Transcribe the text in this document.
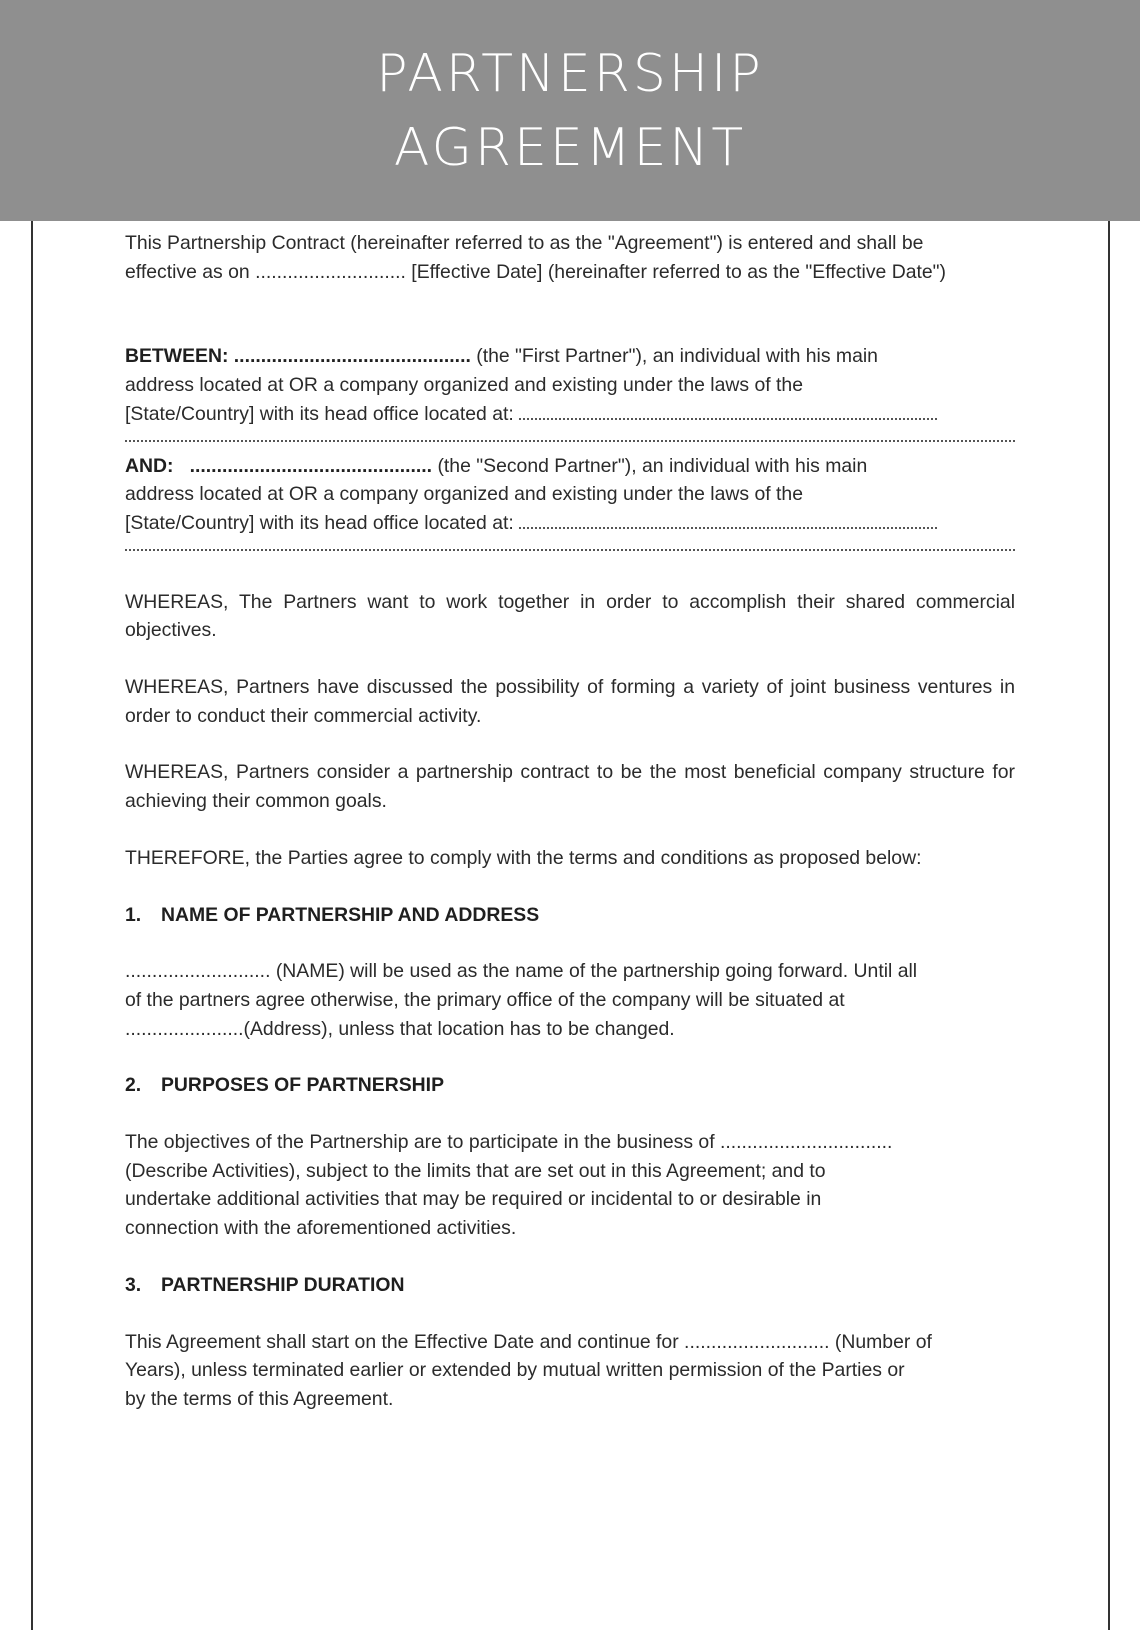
PARTNERSHIP
AGREEMENT

This Partnership Contract (hereinafter referred to as the "Agreement") is entered and shall be effective as on ............................ [Effective Date] (hereinafter referred to as the "Effective Date")

BETWEEN: ............................................ (the "First Partner"), an individual with his main

address located at OR a company organized and existing under the laws of the

[State/Country] with its head office located at:

AND:   ............................................. (the "Second Partner"), an individual with his main

address located at OR a company organized and existing under the laws of the

[State/Country] with its head office located at:

WHEREAS, The Partners want to work together in order to accomplish their shared commercial objectives.

WHEREAS, Partners have discussed the possibility of forming a variety of joint business ventures in order to conduct their commercial activity.

WHEREAS, Partners consider a partnership contract to be the most beneficial company structure for achieving their common goals.

THEREFORE, the Parties agree to comply with the terms and conditions as proposed below:

1. NAME OF PARTNERSHIP AND ADDRESS

........................... (NAME) will be used as the name of the partnership going forward. Until all

of the partners agree otherwise, the primary office of the company will be situated at

......................(Address), unless that location has to be changed.

2. PURPOSES OF PARTNERSHIP

The objectives of the Partnership are to participate in the business of ................................

(Describe Activities), subject to the limits that are set out in this Agreement; and to

undertake additional activities that may be required or incidental to or desirable in

connection with the aforementioned activities.

3. PARTNERSHIP DURATION

This Agreement shall start on the Effective Date and continue for ........................... (Number of

Years), unless terminated earlier or extended by mutual written permission of the Parties or

by the terms of this Agreement.
